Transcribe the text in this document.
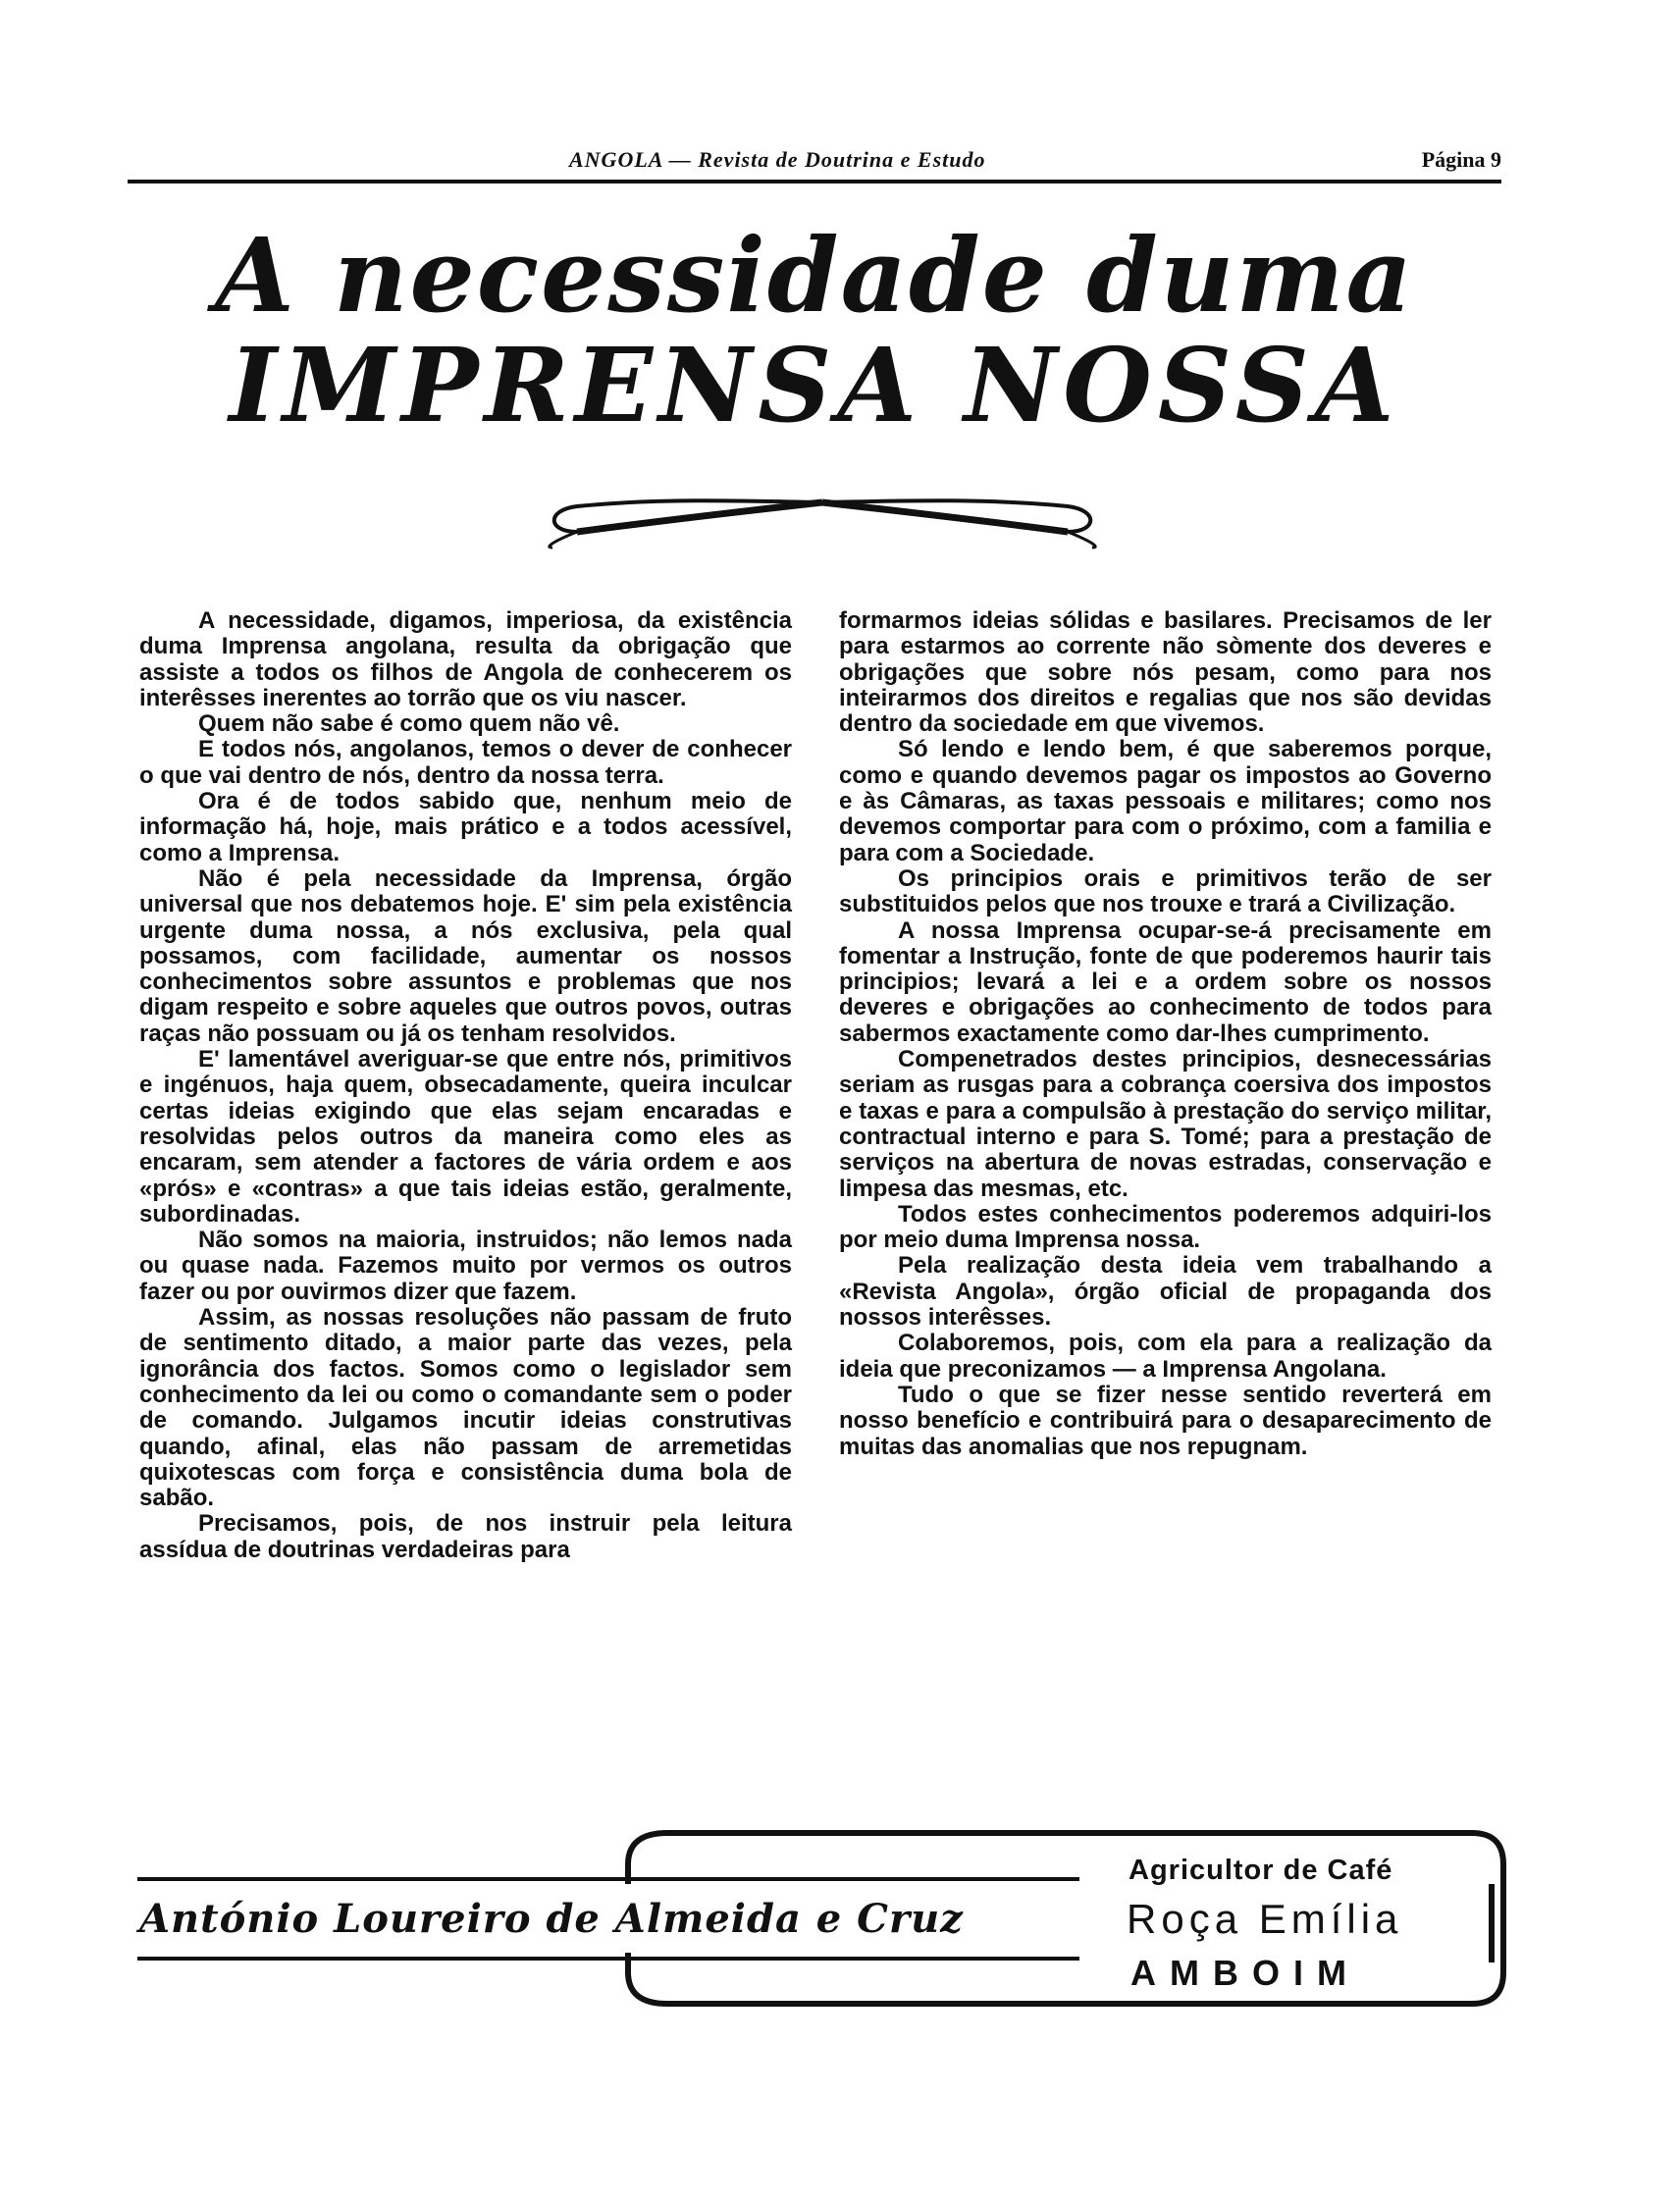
ANGOLA — Revista de Doutrina e Estudo	Página 9
A necessidade duma
IMPRENSA NOSSA

A necessidade, digamos, imperiosa, da existência duma Imprensa angolana, resulta da obrigação que assiste a todos os filhos de Angola de conhecerem os interêsses inerentes ao torrão que os viu nascer.

Quem não sabe é como quem não vê.

E todos nós, angolanos, temos o dever de conhecer o que vai dentro de nós, dentro da nossa terra.

Ora é de todos sabido que, nenhum meio de informação há, hoje, mais prático e a todos acessível, como a Imprensa.

Não é pela necessidade da Imprensa, órgão universal que nos debatemos hoje. E' sim pela existência urgente duma nossa, a nós exclusiva, pela qual possamos, com facilidade, aumentar os nossos conhecimentos sobre assuntos e problemas que nos digam respeito e sobre aqueles que outros povos, outras raças não possuam ou já os tenham resolvidos.

E' lamentável averiguar-se que entre nós, primitivos e ingénuos, haja quem, obsecadamente, queira inculcar certas ideias exigindo que elas sejam encaradas e resolvidas pelos outros da maneira como eles as encaram, sem atender a factores de vária ordem e aos «prós» e «contras» a que tais ideias estão, geralmente, subordinadas.

Não somos na maioria, instruidos; não lemos nada ou quase nada. Fazemos muito por vermos os outros fazer ou por ouvirmos dizer que fazem.

Assim, as nossas resoluções não passam de fruto de sentimento ditado, a maior parte das vezes, pela ignorância dos factos. Somos como o legislador sem conhecimento da lei ou como o comandante sem o poder de comando. Julgamos incutir ideias construtivas quando, afinal, elas não passam de arremetidas quixotescas com força e consistência duma bola de sabão.

Precisamos, pois, de nos instruir pela leitura assídua de doutrinas verdadeiras para

formarmos ideias sólidas e basilares. Precisamos de ler para estarmos ao corrente não sòmente dos deveres e obrigações que sobre nós pesam, como para nos inteirarmos dos direitos e regalias que nos são devidas dentro da sociedade em que vivemos.

Só lendo e lendo bem, é que saberemos porque, como e quando devemos pagar os impostos ao Governo e às Câmaras, as taxas pessoais e militares; como nos devemos comportar para com o próximo, com a familia e para com a Sociedade.

Os principios orais e primitivos terão de ser substituidos pelos que nos trouxe e trará a Civilização.

A nossa Imprensa ocupar-se-á precisamente em fomentar a Instrução, fonte de que poderemos haurir tais principios; levará a lei e a ordem sobre os nossos deveres e obrigações ao conhecimento de todos para sabermos exactamente como dar-lhes cumprimento.

Compenetrados destes principios, desnecessárias seriam as rusgas para a cobrança coersiva dos impostos e taxas e para a compulsão à prestação do serviço militar, contractual interno e para S. Tomé; para a prestação de serviços na abertura de novas estradas, conservação e limpesa das mesmas, etc.

Todos estes conhecimentos poderemos adquiri-los por meio duma Imprensa nossa.

Pela realização desta ideia vem trabalhando a «Revista Angola», órgão oficial de propaganda dos nossos interêsses.

Colaboremos, pois, com ela para a realização da ideia que preconizamos — a Imprensa Angolana.

Tudo o que se fizer nesse sentido reverterá em nosso benefício e contribuirá para o desaparecimento de muitas das anomalias que nos repugnam.

António Loureiro de Almeida e Cruz
Agricultor de Café
Roça Emília
AMBOIM
